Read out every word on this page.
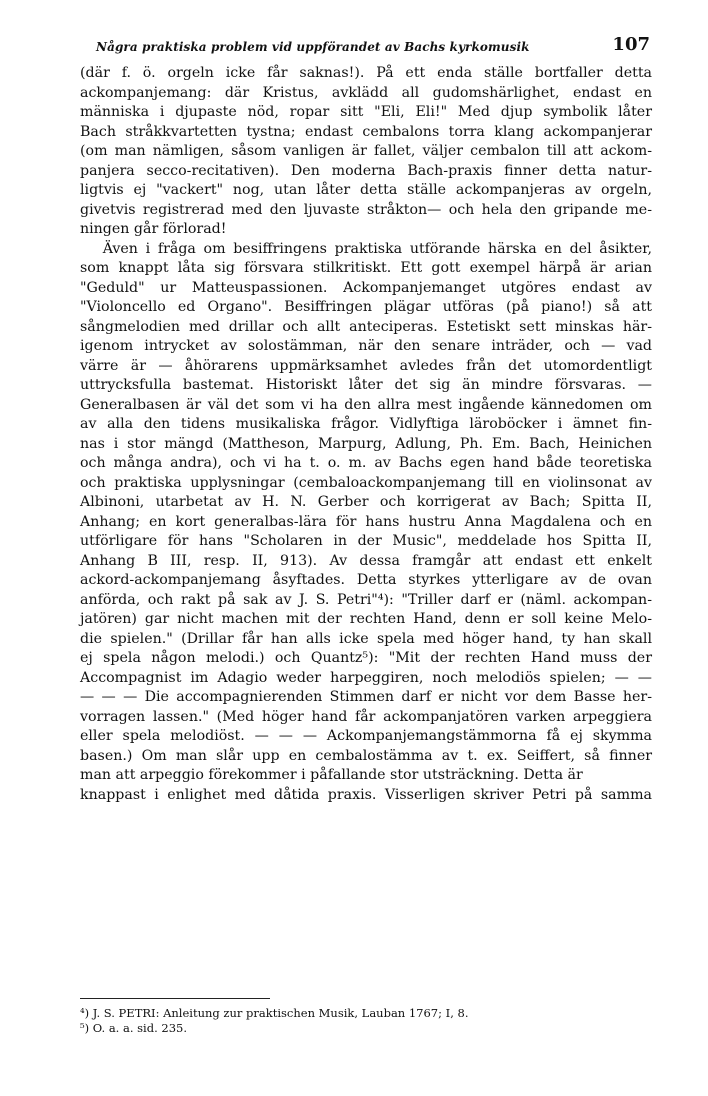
Några praktiska problem vid uppförandet av Bachs kyrkomusik	107
(där f. ö. orgeln icke får saknas!). På ett enda ställe bortfaller detta
ackompanjemang: där Kristus, avklädd all gudomshärlighet, endast en
människa i djupaste nöd, ropar sitt "Eli, Eli!" Med djup symbolik låter
Bach stråkkvartetten tystna; endast cembalons torra klang ackompanjerar
(om man nämligen, såsom vanligen är fallet, väljer cembalon till att ackom-
panjera secco-recitativen). Den moderna Bach-praxis finner detta natur-
ligtvis ej "vackert" nog, utan låter detta ställe ackompanjeras av orgeln,
givetvis registrerad med den ljuvaste stråkton— och hela den gripande me-
ningen går förlorad!
Även i fråga om besiffringens praktiska utförande härska en del åsikter,
som knappt låta sig försvara stilkritiskt. Ett gott exempel härpå är arian
"Geduld" ur Matteuspassionen. Ackompanjemanget utgöres endast av
"Violoncello ed Organo". Besiffringen plägar utföras (på piano!) så att
sångmelodien med drillar och allt anteciperas. Estetiskt sett minskas här-
igenom intrycket av solostämman, när den senare inträder, och — vad
värre är — åhörarens uppmärksamhet avledes från det utomordentligt
uttrycksfulla bastemat. Historiskt låter det sig än mindre försvaras. —
Generalbasen är väl det som vi ha den allra mest ingående kännedomen om
av alla den tidens musikaliska frågor. Vidlyftiga läroböcker i ämnet fin-
nas i stor mängd (Mattheson, Marpurg, Adlung, Ph. Em. Bach, Heinichen
och många andra), och vi ha t. o. m. av Bachs egen hand både teoretiska
och praktiska upplysningar (cembaloackompanjemang till en violinsonat av
Albinoni, utarbetat av H. N. Gerber och korrigerat av Bach; Spitta II,
Anhang; en kort generalbas-lära för hans hustru Anna Magdalena och en
utförligare för hans "Scholaren in der Music", meddelade hos Spitta II,
Anhang B III, resp. II, 913). Av dessa framgår att endast ett enkelt
ackord-ackompanjemang åsyftades. Detta styrkes ytterligare av de ovan
anförda, och rakt på sak av J. S. Petri"⁴): "Triller darf er (näml. ackompan-
jatören) gar nicht machen mit der rechten Hand, denn er soll keine Melo-
die spielen." (Drillar får han alls icke spela med höger hand, ty han skall
ej spela någon melodi.) och Quantz⁵): "Mit der rechten Hand muss der
Accompagnist im Adagio weder harpeggiren, noch melodiös spielen; — —
— — — Die accompagnierenden Stimmen darf er nicht vor dem Basse her-
vorragen lassen." (Med höger hand får ackompanjatören varken arpeggiera
eller spela melodiöst. — — — Ackompanjemangstämmorna få ej skymma
basen.) Om man slår upp en cembalostämma av t. ex. Seiffert, så finner
man att arpeggio förekommer i påfallande stor utsträckning. Detta är
knappast i enlighet med dåtida praxis. Visserligen skriver Petri på samma
⁴) J. S. PETRI: Anleitung zur praktischen Musik, Lauban 1767; I, 8.
⁵) O. a. a. sid. 235.
